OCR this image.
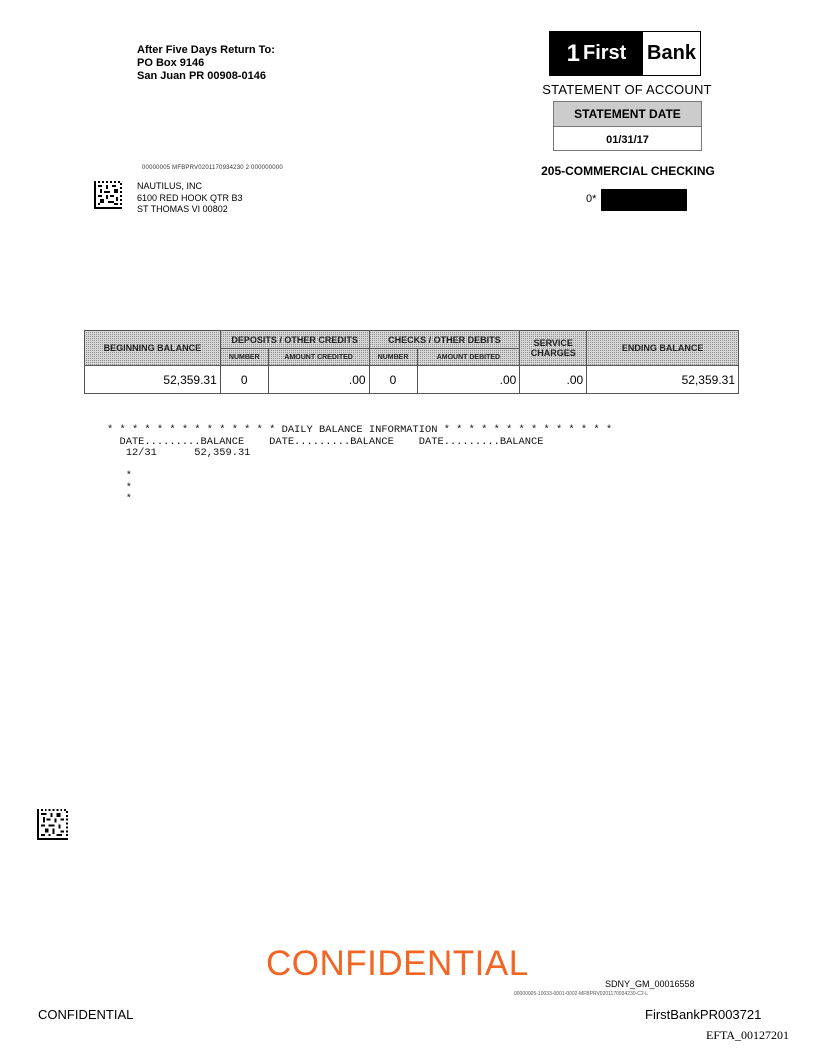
After Five Days Return To:
PO Box 9146
San Juan PR 00908-0146
1 First Bank
STATEMENT OF ACCOUNT
STATEMENT DATE
01/31/17
205-COMMERCIAL CHECKING
0*
00000005 MFBPRV0201170934230 2 000000000
NAUTILUS, INC
6100 RED HOOK QTR B3
ST THOMAS VI 00802
BEGINNING BALANCE	DEPOSITS / OTHER CREDITS		CHECKS / OTHER DEBITS		SERVICE CHARGES	ENDING BALANCE
	NUMBER	AMOUNT CREDITED	NUMBER	AMOUNT DEBITED		
52,359.31	0	.00	0	.00	.00	52,359.31
* * * * * * * * * * * * * * DAILY BALANCE INFORMATION * * * * * * * * * * * * * *
DATE.........BALANCE    DATE.........BALANCE    DATE.........BALANCE
12/31      52,359.31

*
*
*
CONFIDENTIAL
SDNY_GM_00016558
00000005-10033-0001-0002-MFBPRV0201170934230-C2-L
CONFIDENTIAL	FirstBankPR003721
EFTA_00127201
